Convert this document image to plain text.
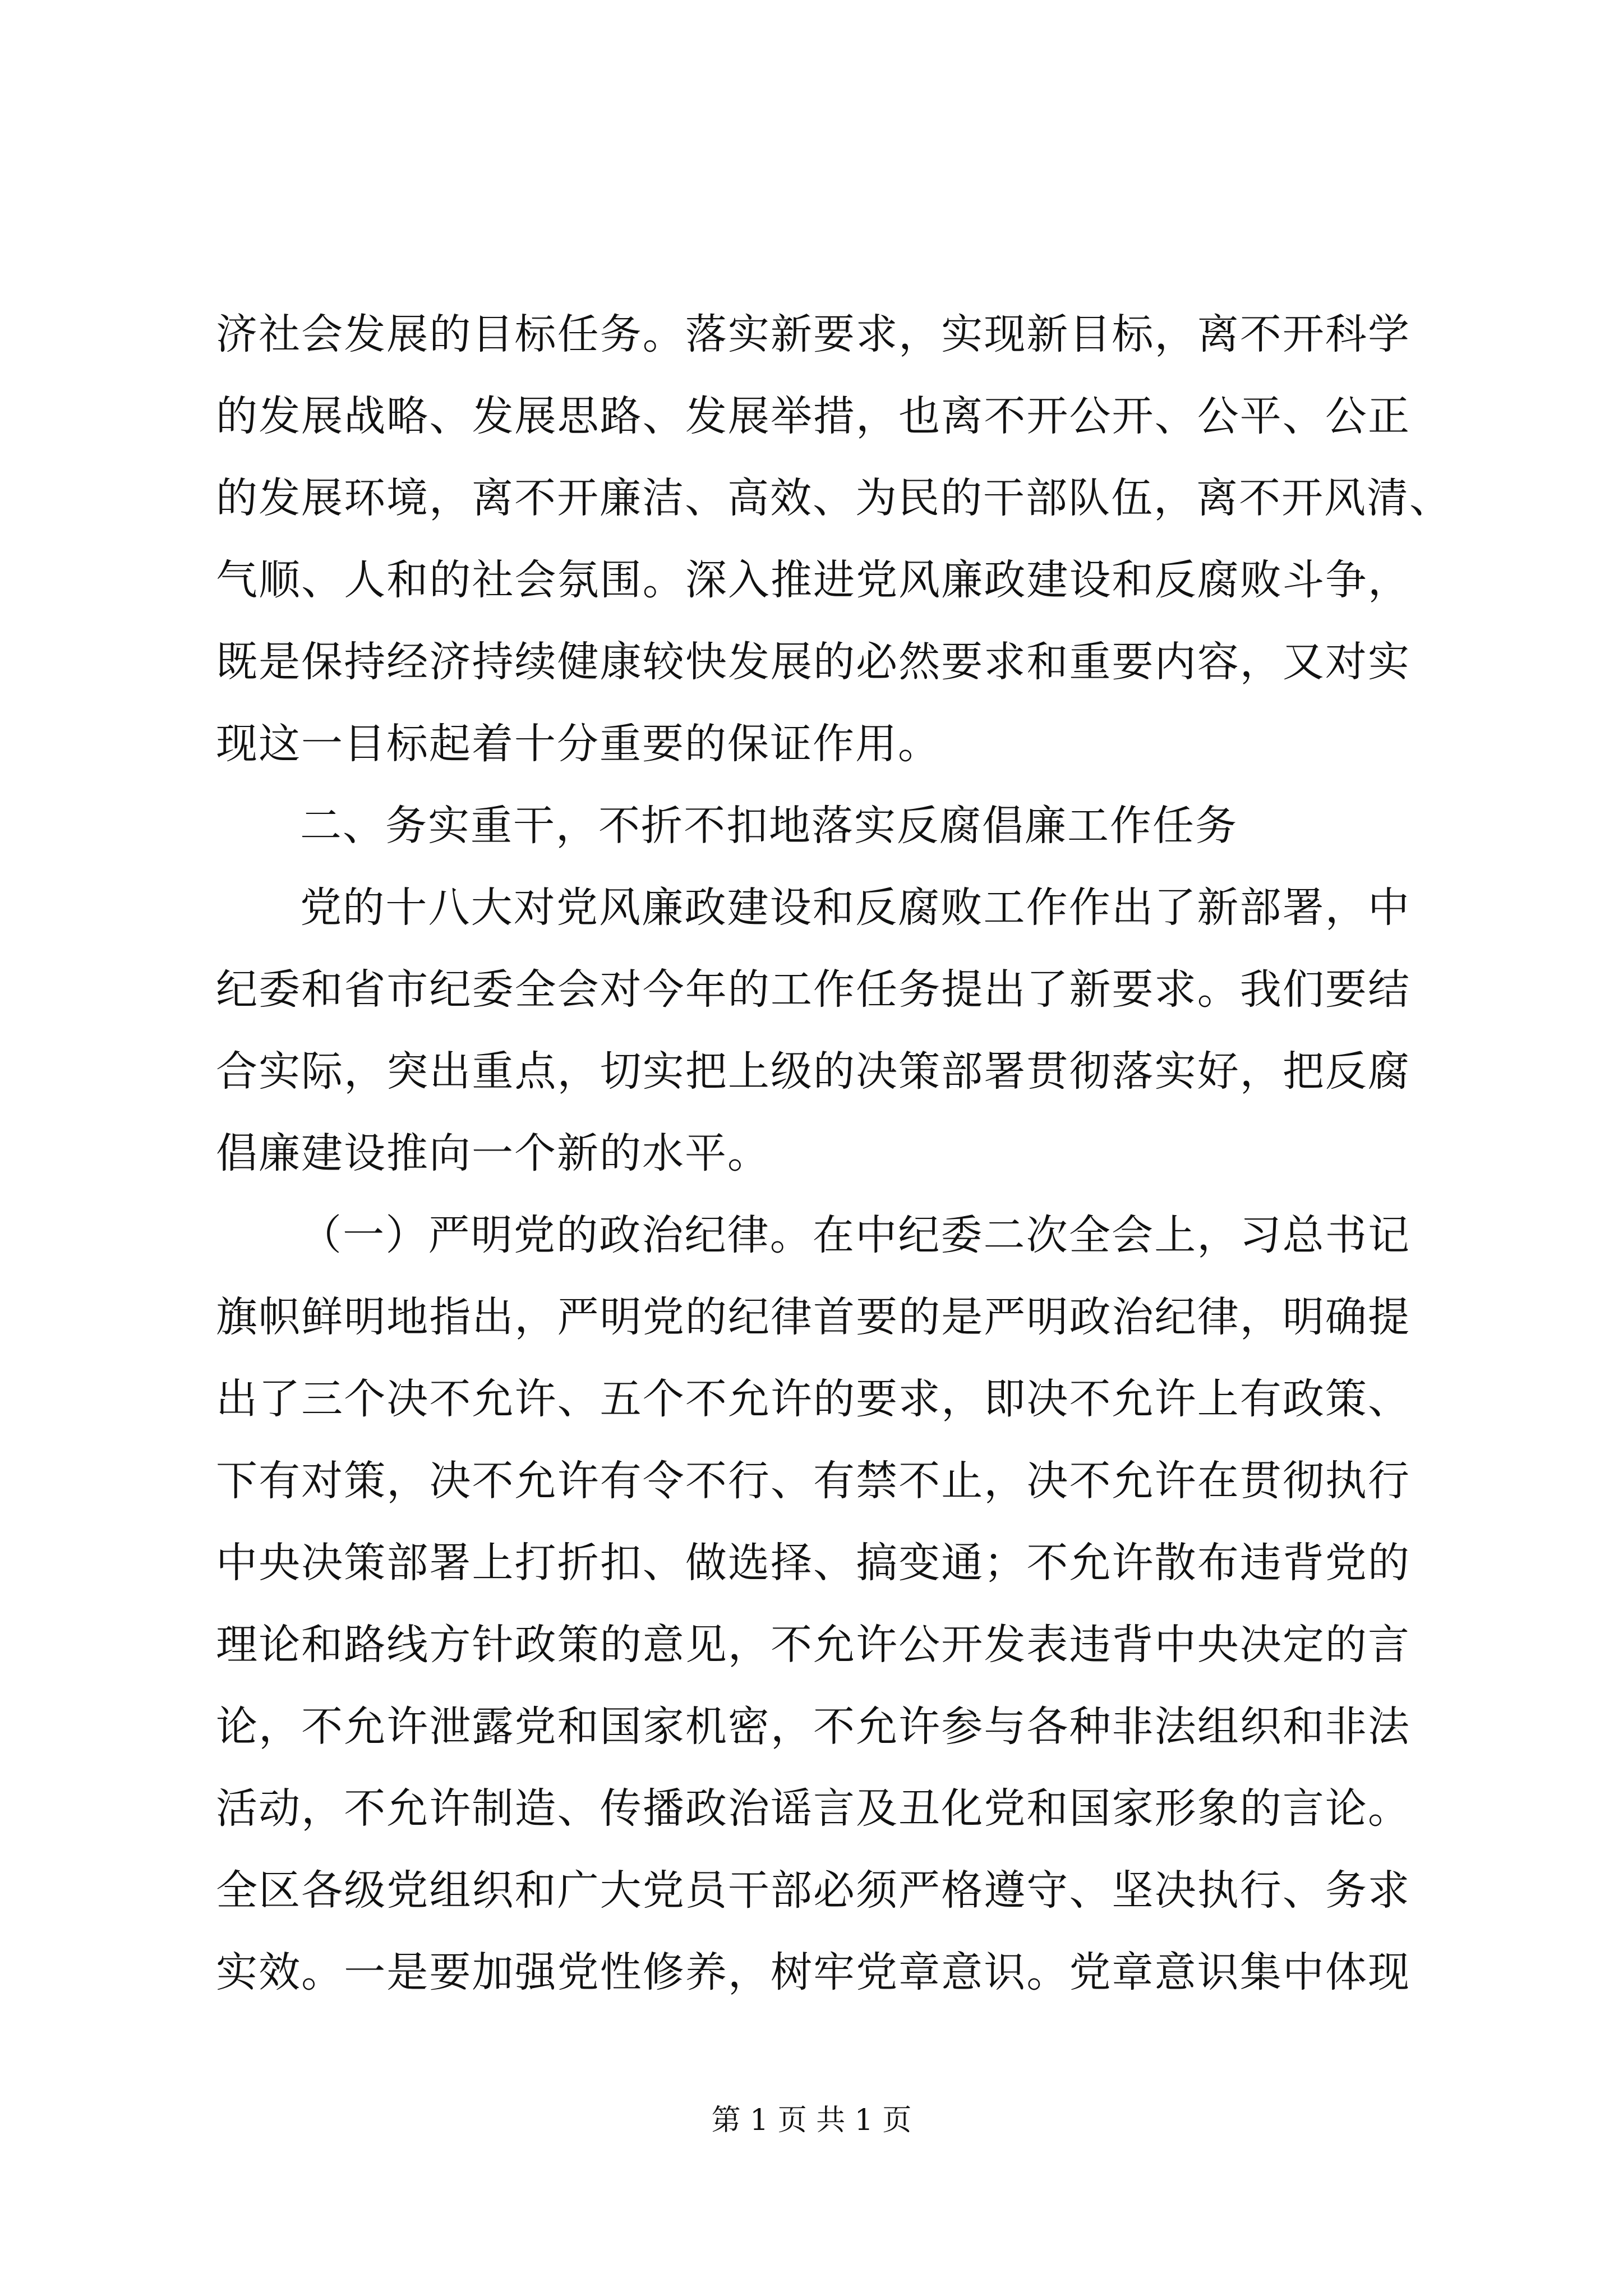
济社会发展的目标任务。落实新要求，实现新目标，离不开科学
的发展战略、发展思路、发展举措，也离不开公开、公平、公正
的发展环境，离不开廉洁、高效、为民的干部队伍，离不开风清、
气顺、人和的社会氛围。深入推进党风廉政建设和反腐败斗争，
既是保持经济持续健康较快发展的必然要求和重要内容，又对实
现这一目标起着十分重要的保证作用。
二、务实重干，不折不扣地落实反腐倡廉工作任务
党的十八大对党风廉政建设和反腐败工作作出了新部署，中
纪委和省市纪委全会对今年的工作任务提出了新要求。我们要结
合实际，突出重点，切实把上级的决策部署贯彻落实好，把反腐
倡廉建设推向一个新的水平。
（一）严明党的政治纪律。在中纪委二次全会上，习总书记
旗帜鲜明地指出，严明党的纪律首要的是严明政治纪律，明确提
出了三个决不允许、五个不允许的要求，即决不允许上有政策、
下有对策，决不允许有令不行、有禁不止，决不允许在贯彻执行
中央决策部署上打折扣、做选择、搞变通；不允许散布违背党的
理论和路线方针政策的意见，不允许公开发表违背中央决定的言
论，不允许泄露党和国家机密，不允许参与各种非法组织和非法
活动，不允许制造、传播政治谣言及丑化党和国家形象的言论。
全区各级党组织和广大党员干部必须严格遵守、坚决执行、务求
实效。一是要加强党性修养，树牢党章意识。党章意识集中体现
第 1 页 共 1 页
